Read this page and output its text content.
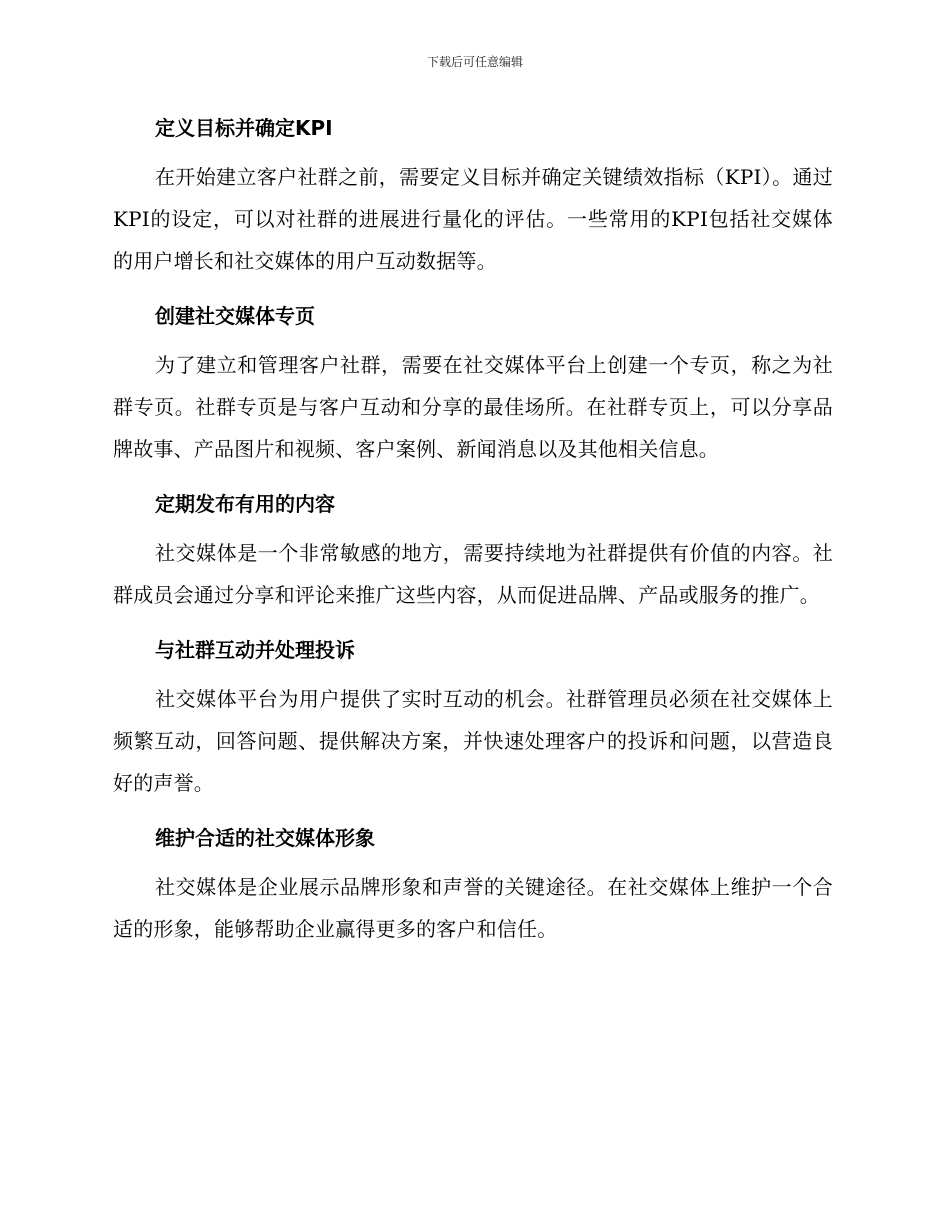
下载后可任意编辑
定义目标并确定KPI

在开始建立客户社群之前，需要定义目标并确定关键绩效指标（KPI）。通过KPI的设定，可以对社群的进展进行量化的评估。一些常用的KPI包括社交媒体的用户增长和社交媒体的用户互动数据等。

创建社交媒体专页

为了建立和管理客户社群，需要在社交媒体平台上创建一个专页，称之为社群专页。社群专页是与客户互动和分享的最佳场所。在社群专页上，可以分享品牌故事、产品图片和视频、客户案例、新闻消息以及其他相关信息。

定期发布有用的内容

社交媒体是一个非常敏感的地方，需要持续地为社群提供有价值的内容。社群成员会通过分享和评论来推广这些内容，从而促进品牌、产品或服务的推广。

与社群互动并处理投诉

社交媒体平台为用户提供了实时互动的机会。社群管理员必须在社交媒体上频繁互动，回答问题、提供解决方案，并快速处理客户的投诉和问题，以营造良好的声誉。

维护合适的社交媒体形象

社交媒体是企业展示品牌形象和声誉的关键途径。在社交媒体上维护一个合适的形象，能够帮助企业赢得更多的客户和信任。
